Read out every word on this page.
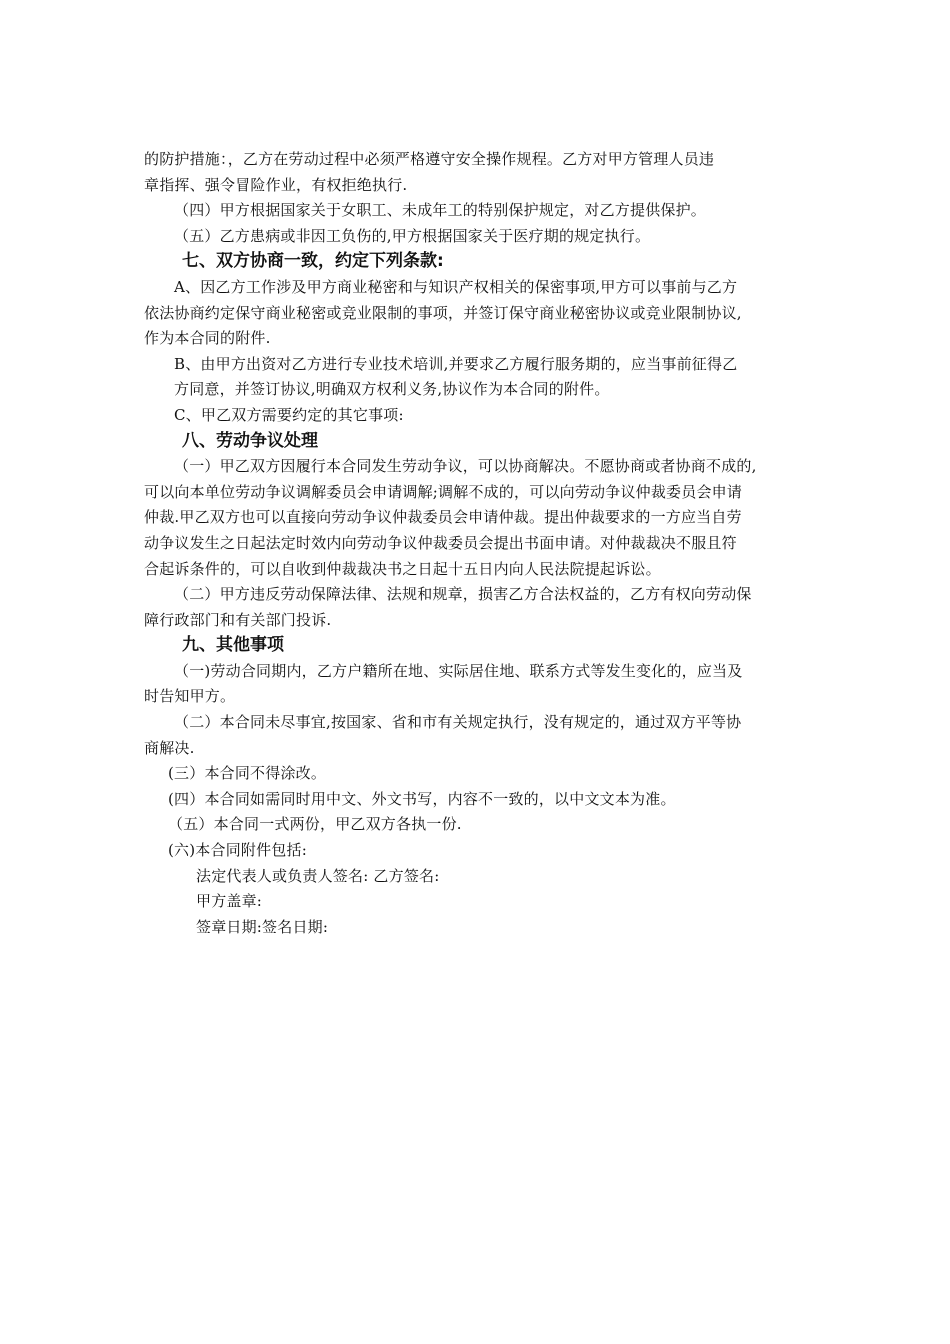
的防护措施：，乙方在劳动过程中必须严格遵守安全操作规程。乙方对甲方管理人员违
章指挥、强令冒险作业，有权拒绝执行.
（四）甲方根据国家关于女职工、未成年工的特别保护规定，对乙方提供保护。
（五）乙方患病或非因工负伤的,甲方根据国家关于医疗期的规定执行。
七、双方协商一致，约定下列条款:
A、因乙方工作涉及甲方商业秘密和与知识产权相关的保密事项,甲方可以事前与乙方
依法协商约定保守商业秘密或竞业限制的事项，并签订保守商业秘密协议或竞业限制协议,
作为本合同的附件.
B、由甲方出资对乙方进行专业技术培训,并要求乙方履行服务期的，应当事前征得乙
方同意，并签订协议,明确双方权利义务,协议作为本合同的附件。
C、甲乙双方需要约定的其它事项:
八、劳动争议处理
（一）甲乙双方因履行本合同发生劳动争议，可以协商解决。不愿协商或者协商不成的,
可以向本单位劳动争议调解委员会申请调解;调解不成的，可以向劳动争议仲裁委员会申请
仲裁.甲乙双方也可以直接向劳动争议仲裁委员会申请仲裁。提出仲裁要求的一方应当自劳
动争议发生之日起法定时效内向劳动争议仲裁委员会提出书面申请。对仲裁裁决不服且符
合起诉条件的，可以自收到仲裁裁决书之日起十五日内向人民法院提起诉讼。
（二）甲方违反劳动保障法律、法规和规章，损害乙方合法权益的，乙方有权向劳动保
障行政部门和有关部门投诉.
九、其他事项
（一)劳动合同期内，乙方户籍所在地、实际居住地、联系方式等发生变化的，应当及
时告知甲方。
（二）本合同未尽事宜,按国家、省和市有关规定执行，没有规定的，通过双方平等协
商解决.
(三）本合同不得涂改。
(四）本合同如需同时用中文、外文书写，内容不一致的，以中文文本为准。
（五）本合同一式两份，甲乙双方各执一份.
(六)本合同附件包括:
法定代表人或负责人签名: 乙方签名:
甲方盖章:
签章日期:签名日期:
